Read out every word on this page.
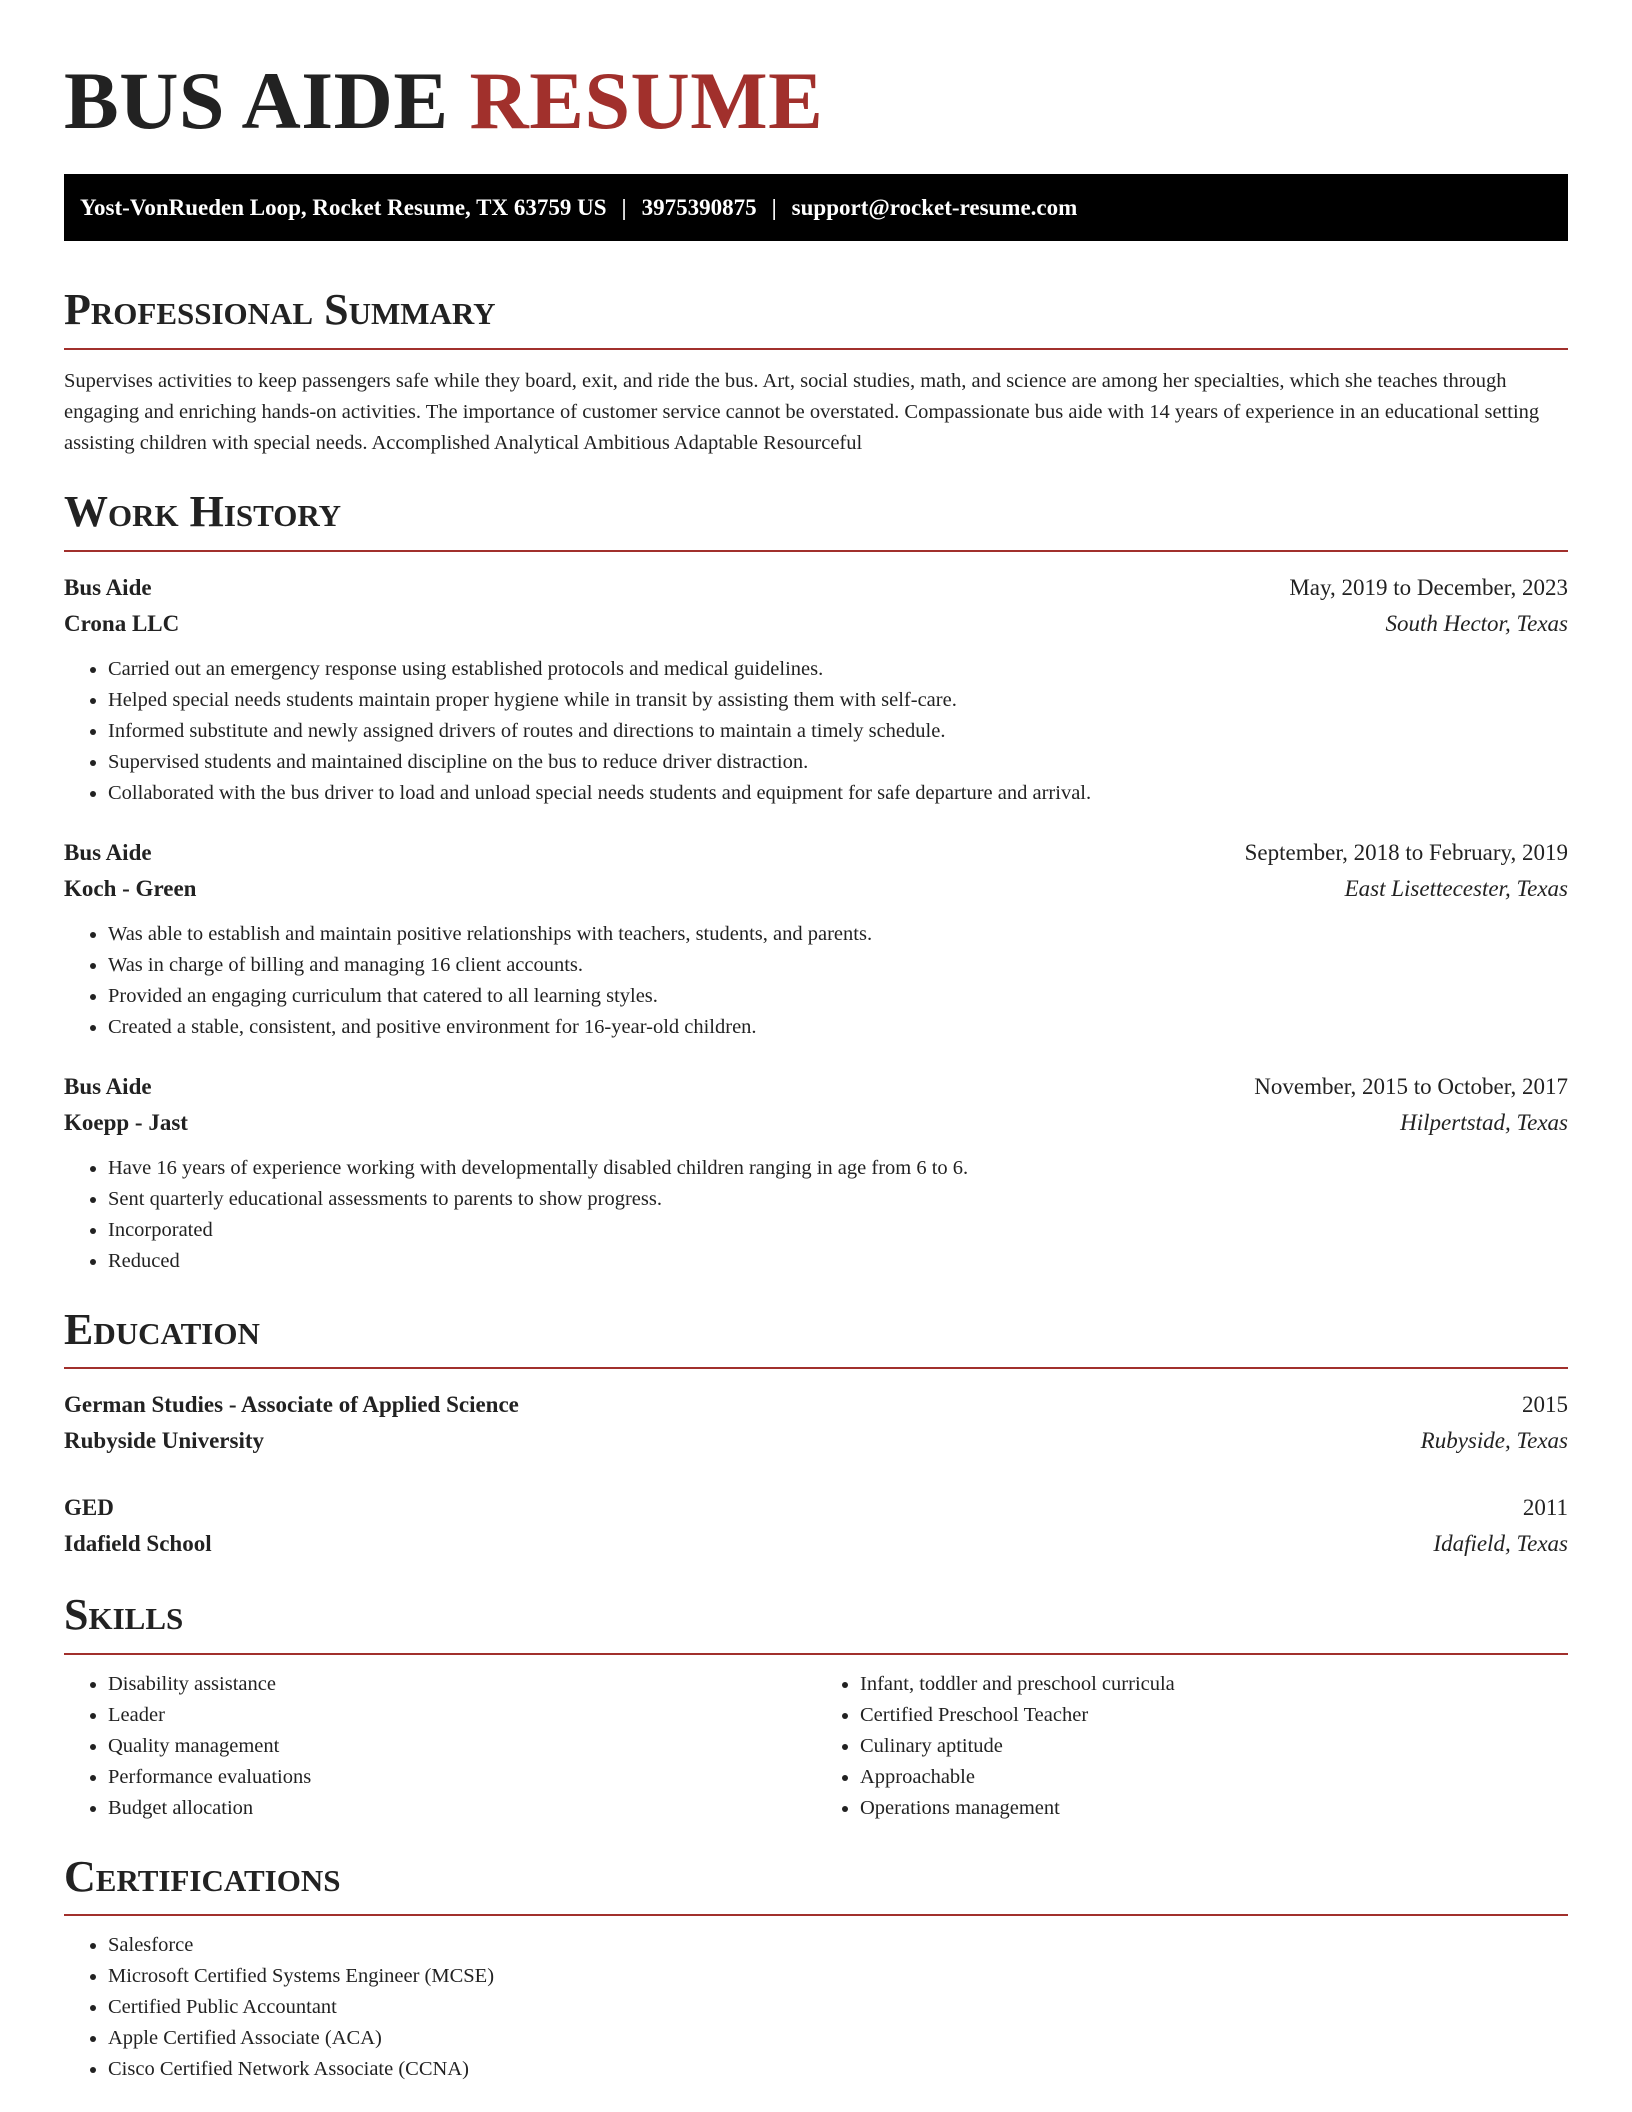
BUS AIDE RESUME
Yost-VonRueden Loop, Rocket Resume, TX 63759 US | 3975390875 | support@rocket-resume.com
Professional Summary

Supervises activities to keep passengers safe while they board, exit, and ride the bus. Art, social studies, math, and science are among her specialties, which she teaches through engaging and enriching hands-on activities. The importance of customer service cannot be overstated. Compassionate bus aide with 14 years of experience in an educational setting assisting children with special needs. Accomplished Analytical Ambitious Adaptable Resourceful

Work History
Bus Aide	May, 2019 to December, 2023
Crona LLC	South Hector, Texas
• Carried out an emergency response using established protocols and medical guidelines.
• Helped special needs students maintain proper hygiene while in transit by assisting them with self-care.
• Informed substitute and newly assigned drivers of routes and directions to maintain a timely schedule.
• Supervised students and maintained discipline on the bus to reduce driver distraction.
• Collaborated with the bus driver to load and unload special needs students and equipment for safe departure and arrival.
Bus Aide	September, 2018 to February, 2019
Koch - Green	East Lisettecester, Texas
• Was able to establish and maintain positive relationships with teachers, students, and parents.
• Was in charge of billing and managing 16 client accounts.
• Provided an engaging curriculum that catered to all learning styles.
• Created a stable, consistent, and positive environment for 16-year-old children.
Bus Aide	November, 2015 to October, 2017
Koepp - Jast	Hilpertstad, Texas
• Have 16 years of experience working with developmentally disabled children ranging in age from 6 to 6.
• Sent quarterly educational assessments to parents to show progress.
• Incorporated
• Reduced
Education
German Studies - Associate of Applied Science	2015
Rubyside University	Rubyside, Texas
GED	2011
Idafield School	Idafield, Texas
Skills
• Disability assistance
• Leader
• Quality management
• Performance evaluations
• Budget allocation
• Infant, toddler and preschool curricula
• Certified Preschool Teacher
• Culinary aptitude
• Approachable
• Operations management
Certifications
• Salesforce
• Microsoft Certified Systems Engineer (MCSE)
• Certified Public Accountant
• Apple Certified Associate (ACA)
• Cisco Certified Network Associate (CCNA)
